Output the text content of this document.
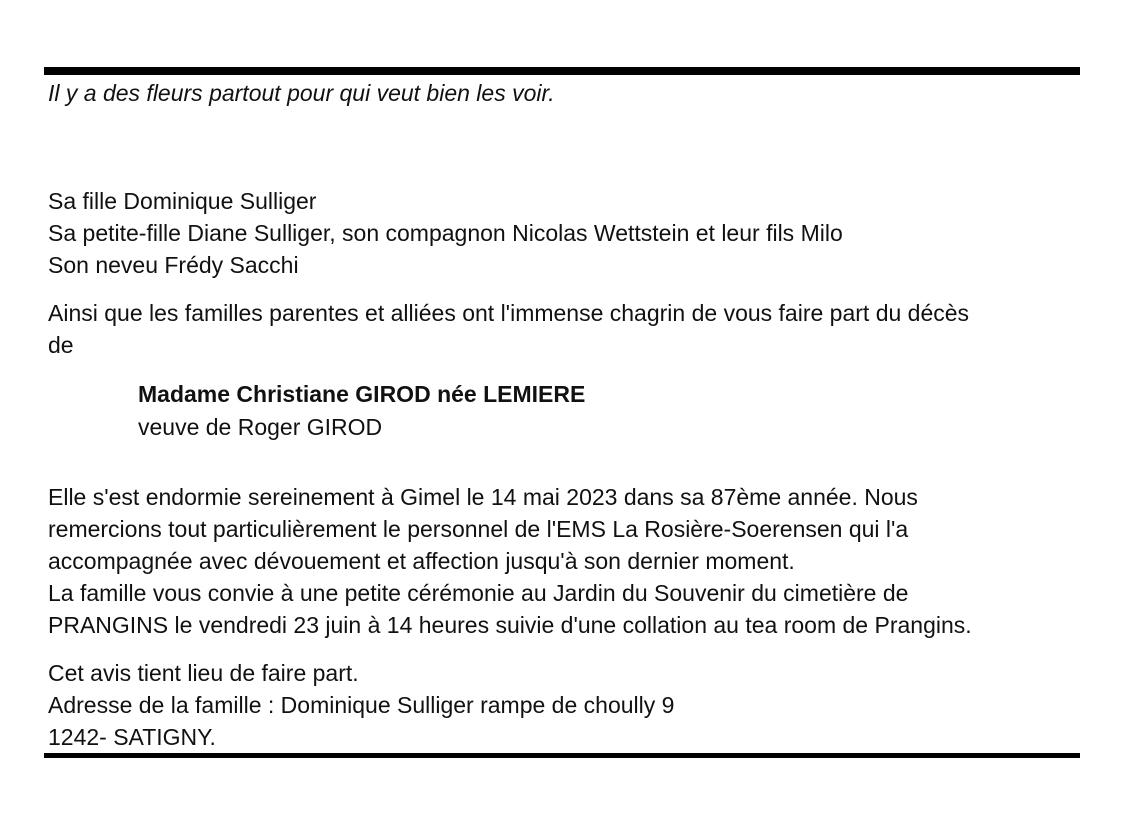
Il y a des fleurs partout pour qui veut bien les voir.
Sa fille Dominique Sulliger
Sa petite-fille Diane Sulliger, son compagnon Nicolas Wettstein et leur fils Milo
Son neveu Frédy Sacchi
Ainsi que les familles parentes et alliées ont l'immense chagrin de vous faire part du décès
de
Madame Christiane GIROD née LEMIERE
veuve de Roger GIROD
Elle s'est endormie sereinement à Gimel le 14 mai 2023 dans sa 87ème année. Nous
remercions tout particulièrement le personnel de l'EMS La Rosière-Soerensen qui l'a
accompagnée avec dévouement et affection jusqu'à son dernier moment.
La famille vous convie à une petite cérémonie au Jardin du Souvenir du cimetière de
PRANGINS le vendredi 23 juin à 14 heures suivie d'une collation au tea room de Prangins.
Cet avis tient lieu de faire part.
Adresse de la famille : Dominique Sulliger rampe de choully 9
1242- SATIGNY.
